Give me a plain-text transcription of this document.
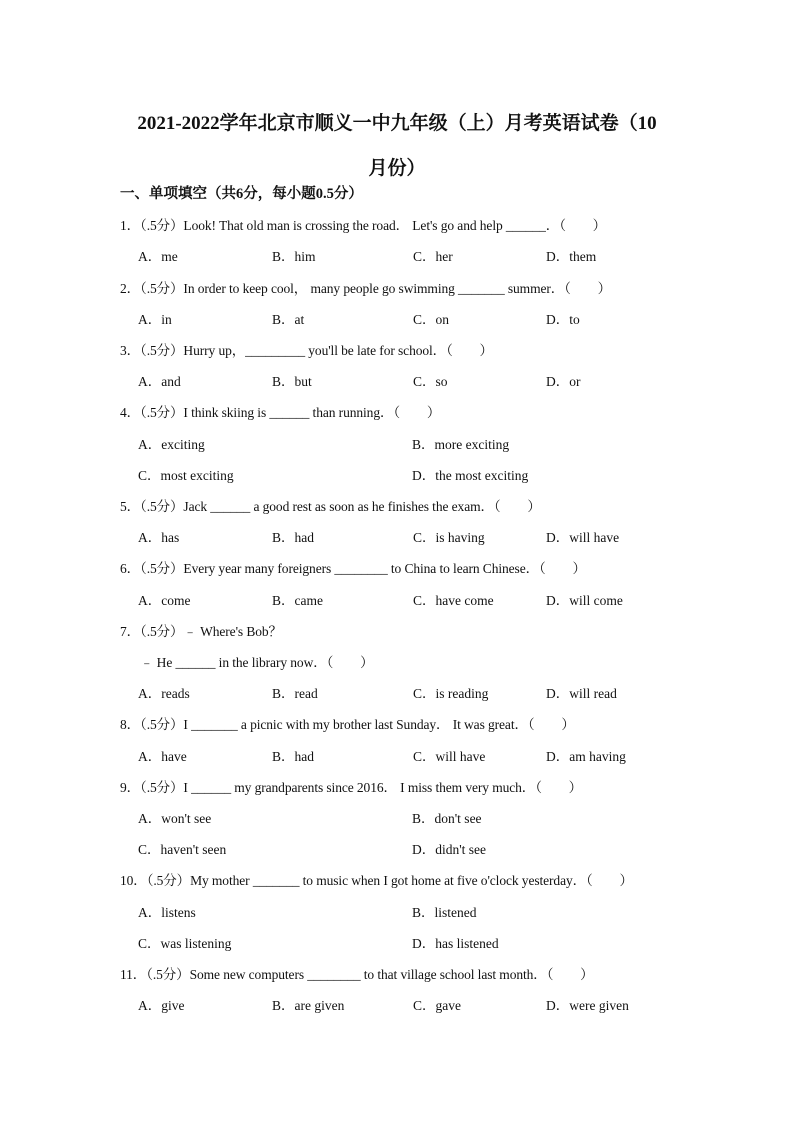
2021-2022学年北京市顺义一中九年级（上）月考英语试卷（10
月份）
一、单项填空（共6分，每小题0.5分）
1．（.5分）Look! That old man is crossing the road． Let's go and help ______．（　　）
A．me	B．him	C．her	D．them
2．（.5分）In order to keep cool， many people go swimming _______ summer．（　　）
A．in	B．at	C．on	D．to
3．（.5分）Hurry up，_________ you'll be late for school．（　　）
A．and	B．but	C．so	D．or
4．（.5分）I think skiing is ______ than running．（　　）
A．exciting	B．more exciting
C．most exciting	D．the most exciting
5．（.5分）Jack ______ a good rest as soon as he finishes the exam．（　　）
A．has	B．had	C．is having	D．will have
6．（.5分）Every year many foreigners ________ to China to learn Chinese．（　　）
A．come	B．came	C．have come	D．will come
7．（.5分）﹣ Where's Bob？
﹣ He ______ in the library now．（　　）
A．reads	B．read	C．is reading	D．will read
8．（.5分）I _______ a picnic with my brother last Sunday． It was great．（　　）
A．have	B．had	C．will have	D．am having
9．（.5分）I ______ my grandparents since 2016． I miss them very much．（　　）
A．won't see	B．don't see
C．haven't seen	D．didn't see
10．（.5分）My mother _______ to music when I got home at five o'clock yesterday．（　　）
A．listens	B．listened
C．was listening	D．has listened
11．（.5分）Some new computers ________ to that village school last month．（　　）
A．give	B．are given	C．gave	D．were given
